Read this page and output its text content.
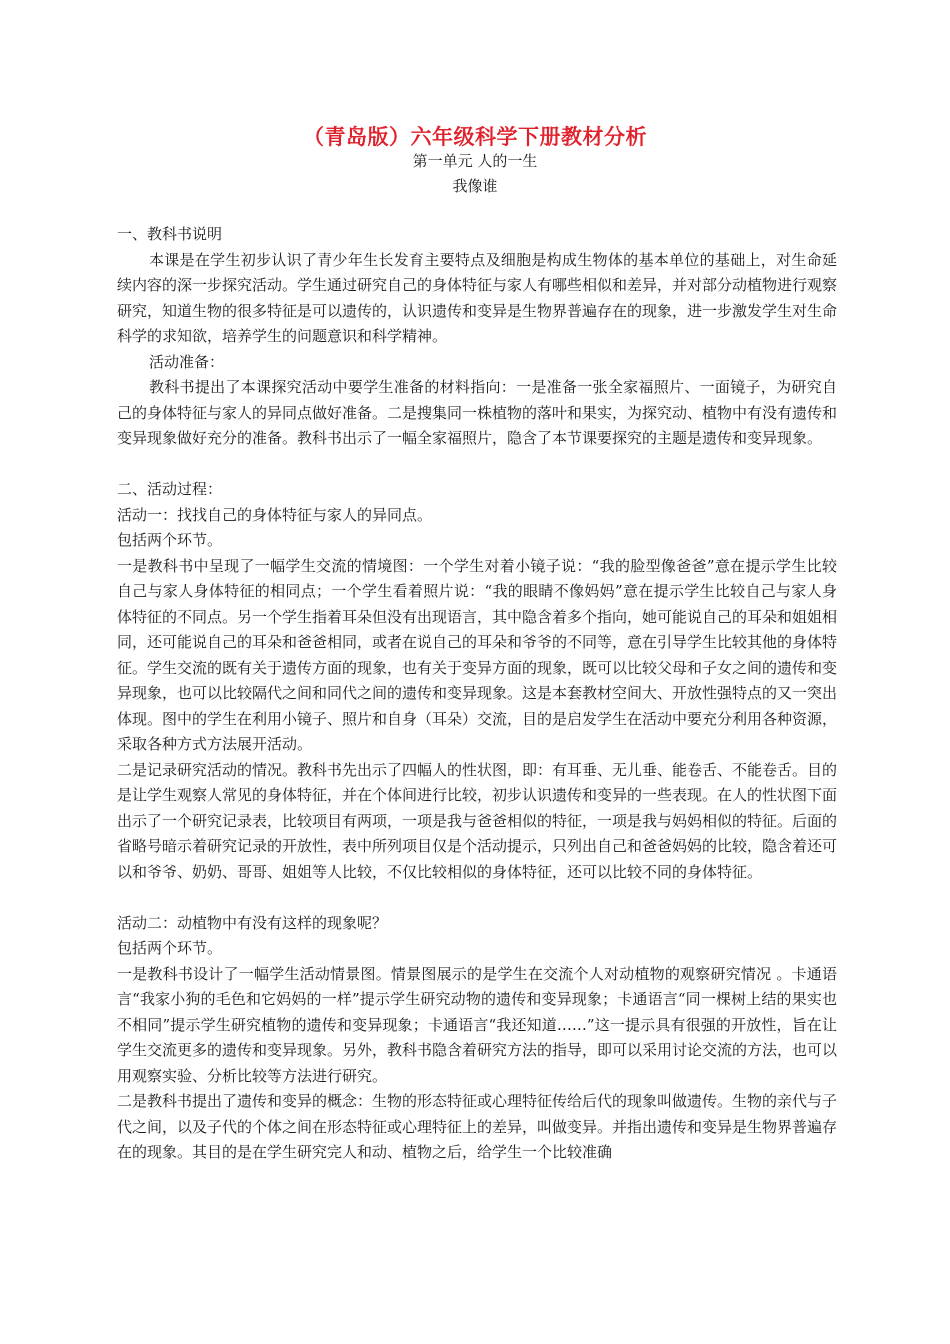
（青岛版）六年级科学下册教材分析
第一单元 人的一生
我像谁

一、教科书说明

本课是在学生初步认识了青少年生长发育主要特点及细胞是构成生物体的基本单位的基础上，对生命延续内容的深一步探究活动。学生通过研究自己的身体特征与家人有哪些相似和差异，并对部分动植物进行观察研究，知道生物的很多特征是可以遗传的，认识遗传和变异是生物界普遍存在的现象，进一步激发学生对生命科学的求知欲，培养学生的问题意识和科学精神。

活动准备：

教科书提出了本课探究活动中要学生准备的材料指向：一是准备一张全家福照片、一面镜子，为研究自己的身体特征与家人的异同点做好准备。二是搜集同一株植物的落叶和果实，为探究动、植物中有没有遗传和变异现象做好充分的准备。教科书出示了一幅全家福照片，隐含了本节课要探究的主题是遗传和变异现象。

二、活动过程：

活动一：找找自己的身体特征与家人的异同点。

包括两个环节。

一是教科书中呈现了一幅学生交流的情境图：一个学生对着小镜子说：“我的脸型像爸爸”意在提示学生比较自己与家人身体特征的相同点；一个学生看着照片说：“我的眼睛不像妈妈”意在提示学生比较自己与家人身体特征的不同点。另一个学生指着耳朵但没有出现语言，其中隐含着多个指向，她可能说自己的耳朵和姐姐相同，还可能说自己的耳朵和爸爸相同，或者在说自己的耳朵和爷爷的不同等，意在引导学生比较其他的身体特征。学生交流的既有关于遗传方面的现象，也有关于变异方面的现象，既可以比较父母和子女之间的遗传和变异现象，也可以比较隔代之间和同代之间的遗传和变异现象。这是本套教材空间大、开放性强特点的又一突出体现。图中的学生在利用小镜子、照片和自身（耳朵）交流，目的是启发学生在活动中要充分利用各种资源，采取各种方式方法展开活动。

二是记录研究活动的情况。教科书先出示了四幅人的性状图，即：有耳垂、无儿垂、能卷舌、不能卷舌。目的是让学生观察人常见的身体特征，并在个体间进行比较，初步认识遗传和变异的一些表现。在人的性状图下面出示了一个研究记录表，比较项目有两项，一项是我与爸爸相似的特征，一项是我与妈妈相似的特征。后面的省略号暗示着研究记录的开放性，表中所列项目仅是个活动提示，只列出自己和爸爸妈妈的比较，隐含着还可以和爷爷、奶奶、哥哥、姐姐等人比较，不仅比较相似的身体特征，还可以比较不同的身体特征。

活动二：动植物中有没有这样的现象呢？

包括两个环节。

一是教科书设计了一幅学生活动情景图。情景图展示的是学生在交流个人对动植物的观察研究情况 。卡通语言“我家小狗的毛色和它妈妈的一样”提示学生研究动物的遗传和变异现象；卡通语言“同一棵树上结的果实也不相同”提示学生研究植物的遗传和变异现象；卡通语言“我还知道……”这一提示具有很强的开放性，旨在让学生交流更多的遗传和变异现象。另外，教科书隐含着研究方法的指导，即可以采用讨论交流的方法，也可以用观察实验、分析比较等方法进行研究。

二是教科书提出了遗传和变异的概念：生物的形态特征或心理特征传给后代的现象叫做遗传。生物的亲代与子代之间，以及子代的个体之间在形态特征或心理特征上的差异，叫做变异。并指出遗传和变异是生物界普遍存在的现象。其目的是在学生研究完人和动、植物之后，给学生一个比较准确
